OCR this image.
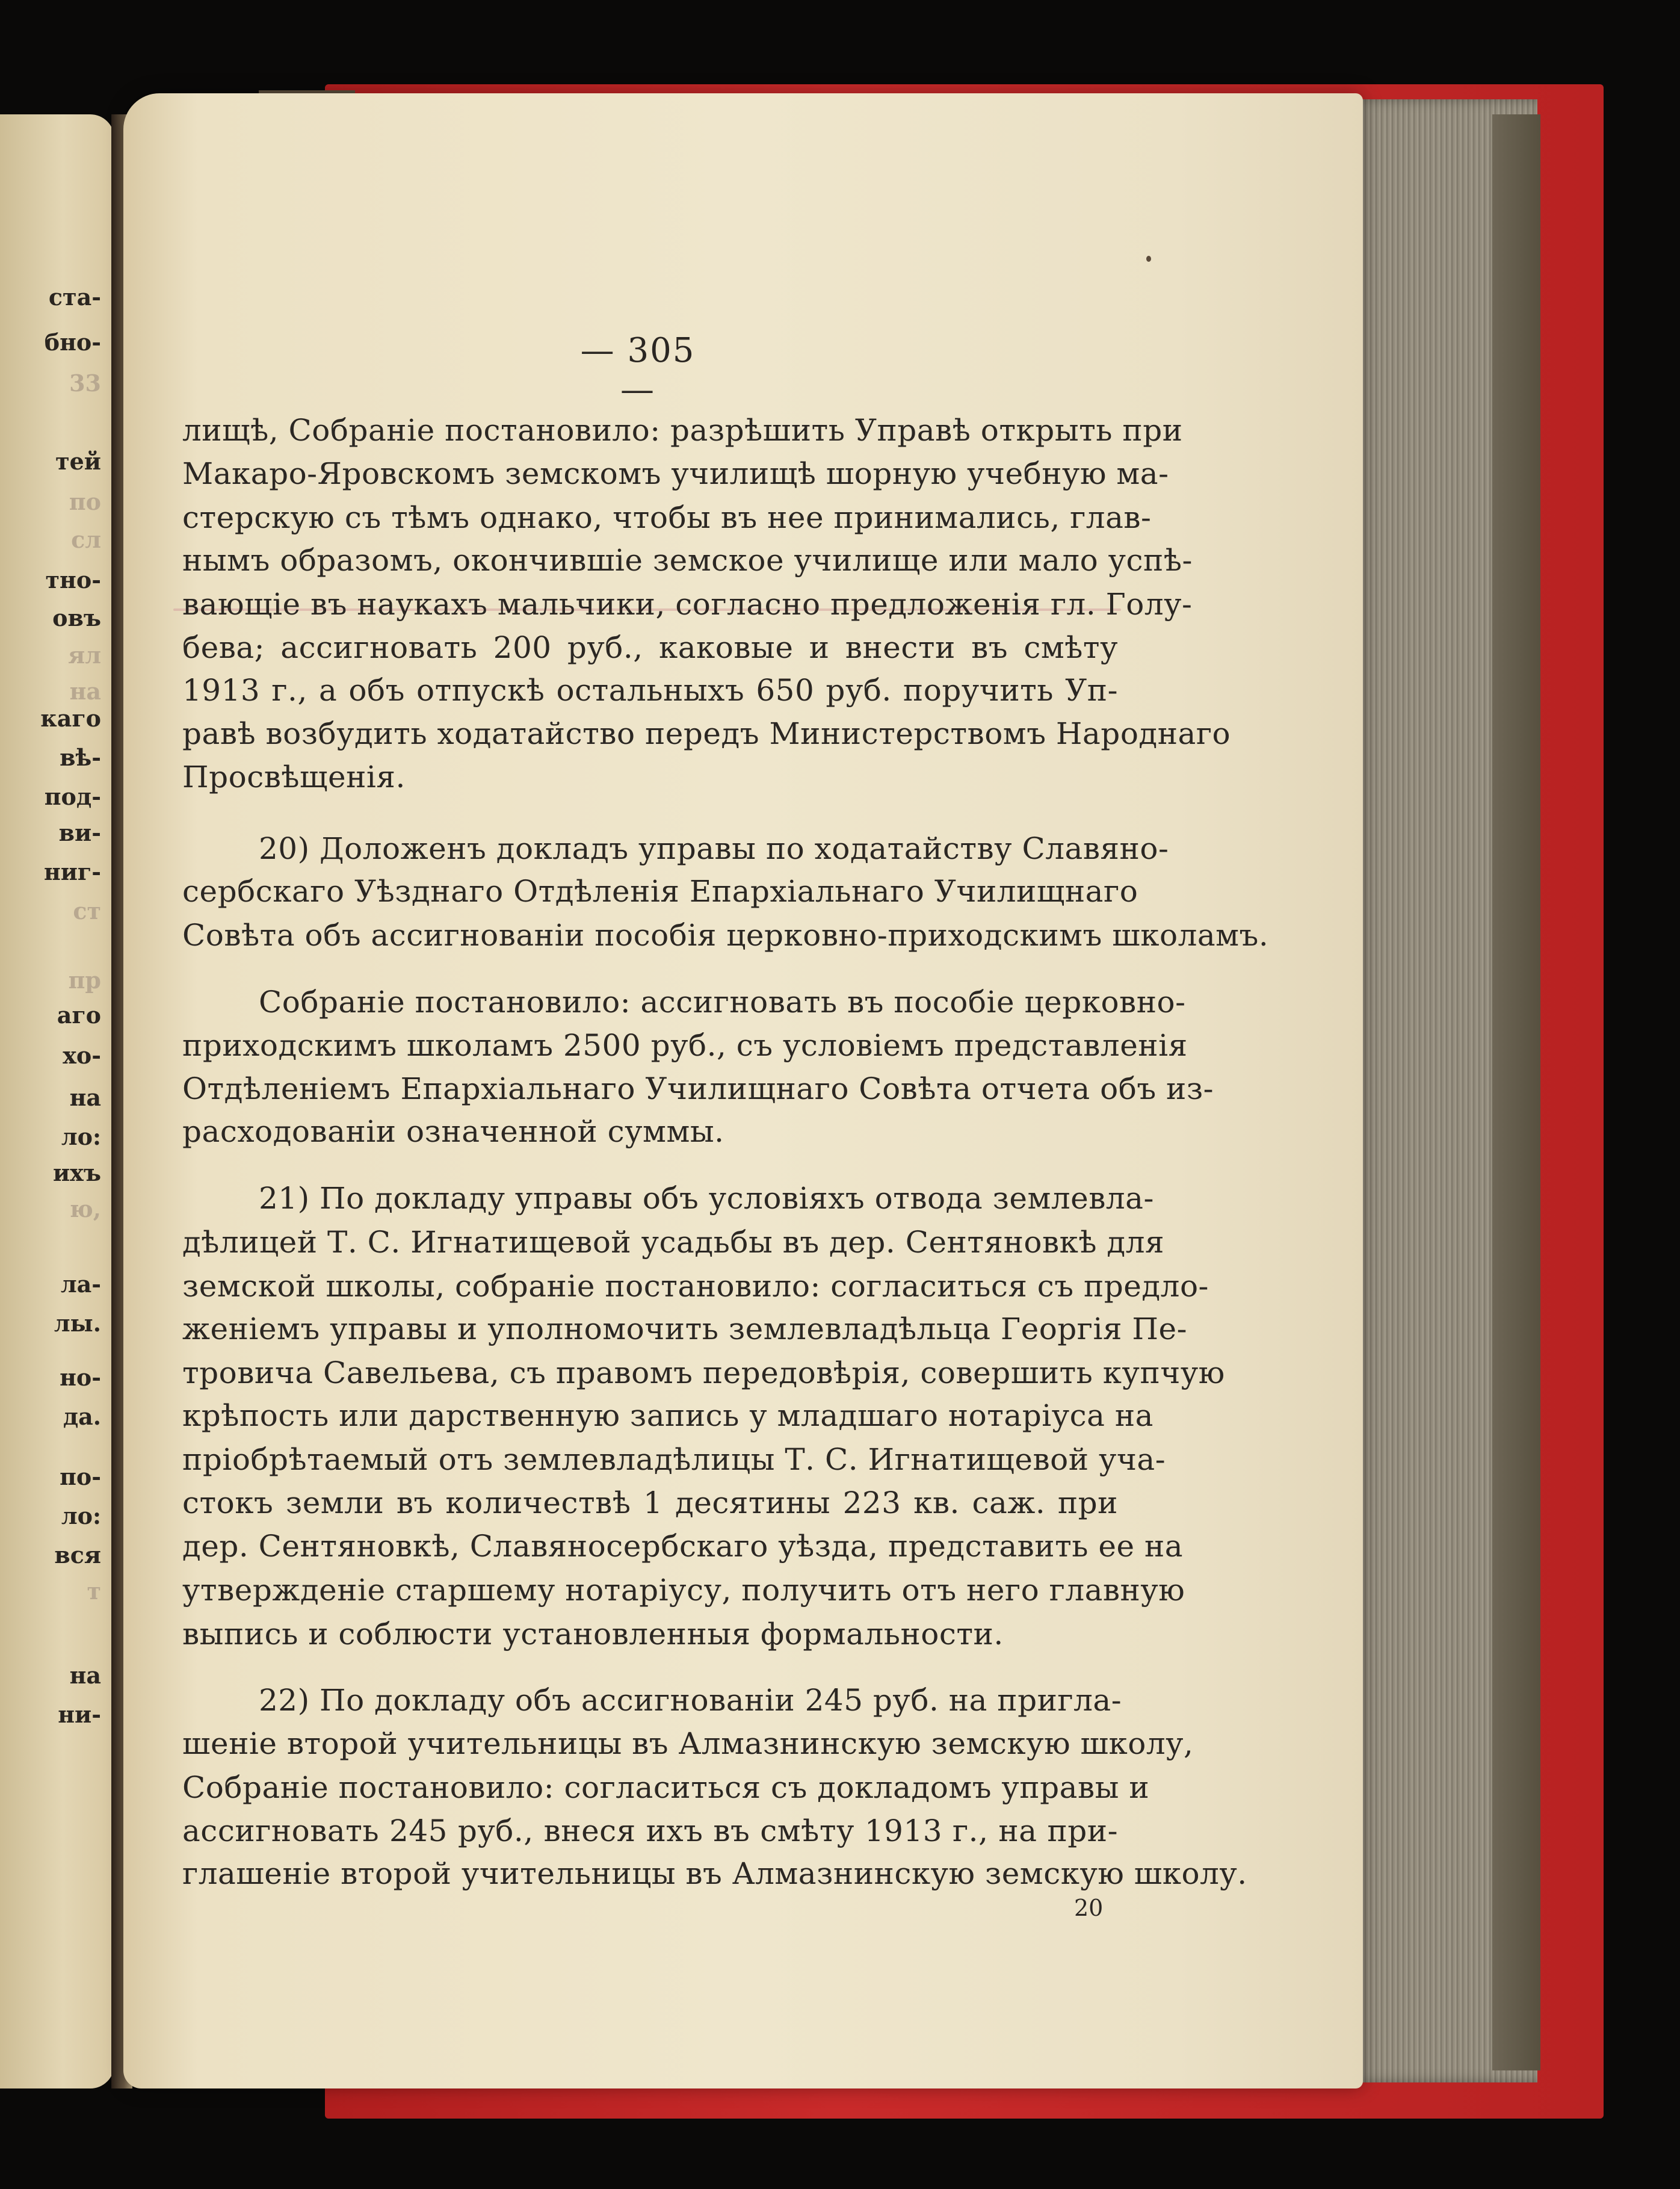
ста-
бно-
33
тей
по
сл
тно-
овъ
ял
на
каго
вѣ-
под-
ви-
ниг-
ст
пр
аго
хо-
на
ло:
ихъ
ю,
ла-
лы.
но-
да.
по-
ло:
вся
т
на
ни-
— 305 —
лищѣ, Собраніе постановило: разрѣшить Управѣ открыть при
Макаро-Яровскомъ земскомъ училищѣ шорную учебную ма-
стерскую съ тѣмъ однако, чтобы въ нее принимались, глав-
нымъ образомъ, окончившіе земское училище или мало успѣ-
вающіе въ наукахъ мальчики, согласно предложенія гл. Голу-
бева; ассигновать 200 руб., каковые и внести въ смѣту
1913 г., а объ отпускѣ остальныхъ 650 руб. поручить Уп-
равѣ возбудить ходатайство передъ Министерствомъ Народнаго
Просвѣщенія.
20) Доложенъ докладъ управы по ходатайству Славяно-
сербскаго Уѣзднаго Отдѣленія Епархіальнаго Училищнаго
Совѣта объ ассигнованіи пособія церковно-приходскимъ школамъ.
Собраніе постановило: ассигновать въ пособіе церковно-
приходскимъ школамъ 2500 руб., съ условіемъ представленія
Отдѣленіемъ Епархіальнаго Училищнаго Совѣта отчета объ из-
расходованіи означенной суммы.
21) По докладу управы объ условіяхъ отвода землевла-
дѣлицей Т. С. Игнатищевой усадьбы въ дер. Сентяновкѣ для
земской школы, собраніе постановило: согласиться съ предло-
женіемъ управы и уполномочить землевладѣльца Георгія Пе-
тровича Савельева, съ правомъ передовѣрія, совершить купчую
крѣпость или дарственную запись у младшаго нотаріуса на
пріобрѣтаемый отъ землевладѣлицы Т. С. Игнатищевой уча-
стокъ земли въ количествѣ 1 десятины 223 кв. саж. при
дер. Сентяновкѣ, Славяносербскаго уѣзда, представить ее на
утвержденіе старшему нотаріусу, получить отъ него главную
выпись и соблюсти установленныя формальности.
22) По докладу объ ассигнованіи 245 руб. на пригла-
шеніе второй учительницы въ Алмазнинскую земскую школу,
Собраніе постановило: согласиться съ докладомъ управы и
ассигновать 245 руб., внеся ихъ въ смѣту 1913 г., на при-
глашеніе второй учительницы въ Алмазнинскую земскую школу.
20
